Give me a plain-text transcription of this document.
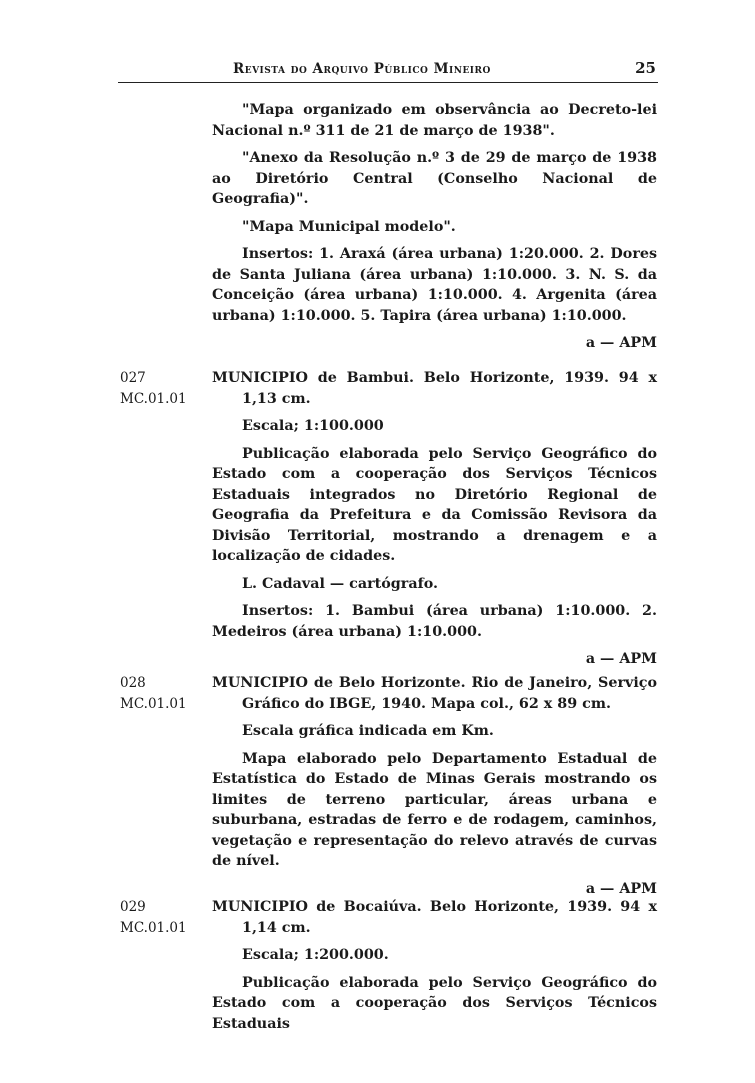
Revista do Arquivo Público Mineiro	25

"Mapa organizado em observância ao Decreto-lei Nacional n.º 311 de 21 de março de 1938".

"Anexo da Resolução n.º 3 de 29 de março de 1938 ao Diretório Central (Conselho Nacional de Geografia)".

"Mapa Municipal modelo".

Insertos: 1. Araxá (área urbana) 1:20.000. 2. Dores de Santa Juliana (área urbana) 1:10.000. 3. N. S. da Conceição (área urbana) 1:10.000. 4. Argenita (área urbana) 1:10.000. 5. Tapira (área urbana) 1:10.000.

a — APM

027
MC.01.01

MUNICIPIO de Bambui. Belo Horizonte, 1939. 94 x 1,13 cm.

Escala; 1:100.000

Publicação elaborada pelo Serviço Geográfico do Estado com a cooperação dos Serviços Técnicos Estaduais integrados no Diretório Regional de Geografia da Prefeitura e da Comissão Revisora da Divisão Territorial, mostrando a drenagem e a localização de cidades.

L. Cadaval — cartógrafo.

Insertos: 1. Bambui (área urbana) 1:10.000. 2. Medeiros (área urbana) 1:10.000.

a — APM

028
MC.01.01

MUNICIPIO de Belo Horizonte. Rio de Janeiro, Serviço Gráfico do IBGE, 1940. Mapa col., 62 x 89 cm.

Escala gráfica indicada em Km.

Mapa elaborado pelo Departamento Estadual de Estatística do Estado de Minas Gerais mostrando os limites de terreno particular, áreas urbana e suburbana, estradas de ferro e de rodagem, caminhos, vegetação e representação do relevo através de curvas de nível.

a — APM

029
MC.01.01

MUNICIPIO de Bocaiúva. Belo Horizonte, 1939. 94 x 1,14 cm.

Escala; 1:200.000.

Publicação elaborada pelo Serviço Geográfico do Estado com a cooperação dos Serviços Técnicos Estaduais
